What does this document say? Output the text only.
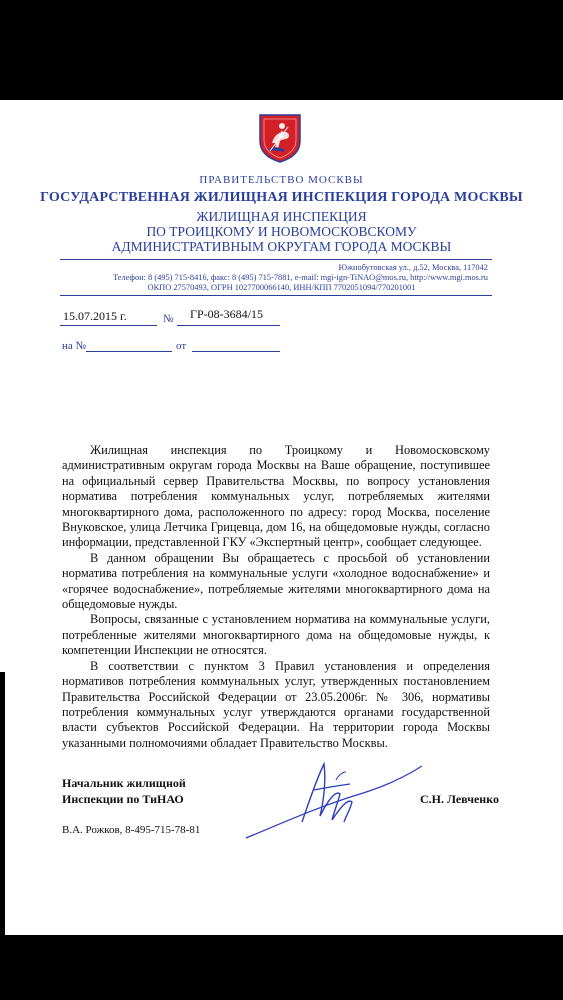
ПРАВИТЕЛЬСТВО МОСКВЫ
ГОСУДАРСТВЕННАЯ ЖИЛИЩНАЯ ИНСПЕКЦИЯ ГОРОДА МОСКВЫ
ЖИЛИЩНАЯ ИНСПЕКЦИЯ
ПО ТРОИЦКОМУ И НОВОМОСКОВСКОМУ
АДМИНИСТРАТИВНЫМ ОКРУГАМ ГОРОДА МОСКВЫ
Южнобутовская ул., д.52, Москва, 117042
Телефон: 8 (495) 715-8416, факс: 8 (495) 715-7881, e-mail: mgi-ign-TiNAO@mos.ru, http://www.mgi.mos.ru
ОКПО 27570493, ОГРН 1027700066140, ИНН/КПП 7702051094/770201001
15.07.2015 г.	№ ГР-08-3684/15
на №	от

Жилищная инспекция по Троицкому и Новомосковскому административным округам города Москвы на Ваше обращение, поступившее на официальный сервер Правительства Москвы, по вопросу установления норматива потребления коммунальных услуг, потребляемых жителями многоквартирного дома, расположенного по адресу: город Москва, поселение Внуковское, улица Летчика Грицевца, дом 16, на общедомовые нужды, согласно информации, представленной ГКУ «Экспертный центр», сообщает следующее.

В данном обращении Вы обращаетесь с просьбой об установлении норматива потребления на коммунальные услуги «холодное водоснабжение» и «горячее водоснабжение», потребляемые жителями многоквартирного дома на общедомовые нужды.

Вопросы, связанные с установлением норматива на коммунальные услуги, потребленные жителями многоквартирного дома на общедомовые нужды, к компетенции Инспекции не относятся.

В соответствии с пунктом 3 Правил установления и определения нормативов потребления коммунальных услуг, утвержденных постановлением Правительства Российской Федерации от 23.05.2006г. № 306, нормативы потребления коммунальных услуг утверждаются органами государственной власти субъектов Российской Федерации. На территории города Москвы указанными полномочиями обладает Правительство Москвы.

Начальник жилищной
Инспекции по ТиНАО	С.Н. Левченко
В.А. Рожков, 8-495-715-78-81
